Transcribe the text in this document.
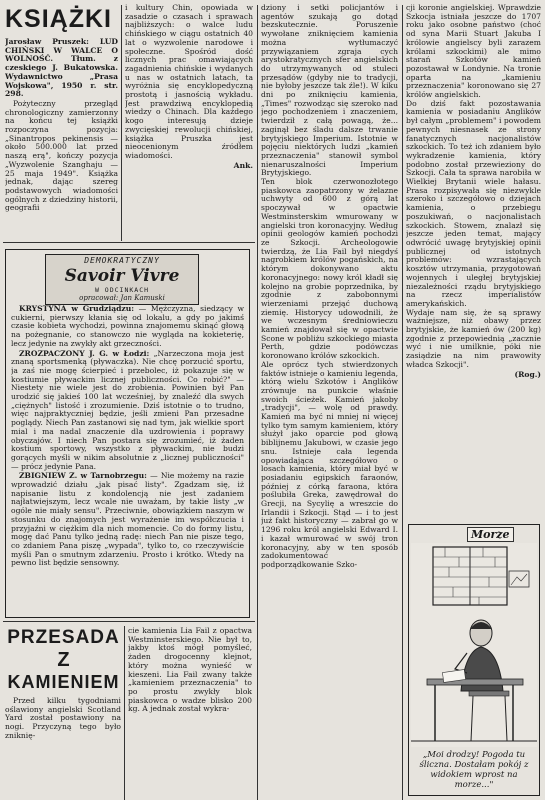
KSIĄŻKI

Jarosław Pruszek: LUD CHIŃSKI W WALCE O WOLNOŚĆ. Tłum. z czeskiego J. Bukatowska. Wydawnictwo „Prasa Wojskowa", 1950 r. str. 298.

Pożyteczny przegląd chronologiczny zamierzonny na końcu tej książki rozpoczyna pozycja: „Sinantropos pekinensis — około 500.000 lat przed naszą erą", kończy pozycja „Wyzwolenie Szanghaju — 25 maja 1949". Książka jednak, dając szereg podstawowych wiadomości ogólnych z dziedziny historii, geografii

i kultury Chin, opowiada w zasadzie o czasach i sprawach najbliższych: o walce ludu chińskiego w ciągu ostatnich 40 lat o wyzwolenie narodowe i społeczne. Spośród dość licznych prac omawiających zagadnienia chińskie i wydanych u nas w ostatnich latach, ta wyróżnia się encyklopedyczną prostotą i jasnością wykładu. Jest prawdziwą encyklopedią wiedzy o Chinach. Dla każdego kogo interesują dzieje zwycięskiej rewolucji chińskiej, książka Pruszka jest nieocenionym źródłem wiadomości.

Ank.

DEMOKRATYCZNY
Savoir Vivre
W ODCINKACH
opracował: Jan Kamuski

KRYSTYNA w Grudziądzu: — Mężczyzna, siedzący w cukierni, pierwszy kłania się od lokalu, a gdy po jakimś czasie kobieta wychodzi, powinna znajomemu skinąć głową na pożegnanie, co stanowczo nie wygląda na kokieterię, lecz jedynie na zwykły akt grzeczności.

ZROZPACZONY J. G. w Łodzi: „Narzeczona moja jest znaną sportsmenką (pływaczka). Nie chcę porzucić sportu, ja zaś nie mogę ścierpieć i przebolec, iż pokazuje się w kostiumie pływackim licznej publiczności. Co robić?" — Niestety nie wiele jest do zrobienia. Powinien był Pan urodzić się jakieś 100 lat wcześniej, by znaleźć dla swych „ciężnych" listość i zrozumienie. Dziś istotnie o to trudno, więc najpraktyczniej będzie, jeśli zmieni Pan przesadne poglądy. Niech Pan zastanowi się nad tym, jak wielkie sport mial i ma nadal znaczenie dla uzdrowienia i poprawy obyczajów. I niech Pan postara się zrozumieć, iż żaden kostium sportowy, wszystko z pływackim, nie budzi gorących myśli w nikim absolutnie z „licznej publiczności" — prócz jedynie Pana.

ZBIGNIEW Z. w Tarnobrzegu: — Nie możemy na razie wprowadzić działu „jak pisać listy". Zgadzam się, iż napisanie listu z kondolencją nie jest zadaniem najłatwiejszym, lecz wcale nie uważam, by takie listy „w ogóle nie miały sensu". Przeciwnie, obowiązkiem naszym w stosunku do znajomych jest wyrażenie im współczucia i przyjaźni w ciężkim dla nich momencie. Co do formy listu, mogę dać Panu tylko jedną radę: niech Pan nie pisze tego, co zdaniem Pana piszę „wypada", tylko to, co rzeczywiście myśli Pan o smutnym zdarzeniu. Prosto i krótko. Wtedy na pewno list będzie sensowny.

PRZESADA
Z
KAMIENIEM

Przed kilku tygodniami oślawiony angielski Scotland Yard został postawiony na nogi. Przyczyną tego było zniknię-

cie kamienia Lia Fail z opactwa Westminsterskiego. Nie był to, jakby ktoś mógł pomyśleć, żaden drogocenny klejnot, który można wynieść w kieszeni. Lia Fail zwany także „kamieniem przeznaczenia" to po prostu zwykły blok piaskowca o wadze blisko 200 kg. A jednak został wykra-

dziony i setki policjantów i agentów szukają go dotąd bezskutecznie. Poruszenie wywołane zniknięciem kamienia można wytłumaczyć przywiązaniem zgraja cych arystokratycznych sfer angielskich do utrzymywanych od stuleci przesądów (gdyby nie to tradycji, nie byłoby jeszcze tak źle!). W kiku dni po zniknięciu kamienia, „Times" rozwodząc się szeroko nad jego pochodzeniem i znaczeniem, twierdził z całą powagą, że... zaginął bez śladu dalsze trwanie brytyjskiego Imperium. Istotnie w pojęciu niektórych ludzi „kamień przeznaczenia" stanowił symbol nienaruszalności Imperium Brytyjskiego.
Ten blok czerwonozłotego piaskowca zaopatrzony w żelazne uchwyty od 600 z górą lat spoczywał w opactwie Westminsterskim wmurowany w angielski tron koronacyjny. Według opinii geologów kamień pochodzi ze Szkocji. Archeologowie twierdzą, że Lia Fail był niegdyś nagrobkiem królów pogańskich, na którym dokonywano aktu koronacyjnego: nowy król kładł się kolejno na grobie poprzednika, by zgodnie z zabobonnymi wierzeniami przejąć duchową ziemię. Historycy udowodnili, że we wczesnym średniowieczu kamień znajdował się w opactwie Scone w pobliżu szkockiego miasta Perth, gdzie podówczas koronowano królów szkockich.
Ale oprócz tych stwierdzonych faktów istnieje o kamieniu legenda, którą wielu Szkotów i Anglików zrównuje na punkcie właśnie swoich ścieżek. Kamień jakoby „tradycji", — wolę od prawdy. Kamień ma być ni mniej ni więcej tylko tym samym kamieniem, który służył jako oparcie pod głową biblijnemu Jakubowi, w czasie jego snu. Istnieje cała legenda opowiadająca szczegółowo o losach kamienia, który miał być w posiadaniu egipskich faraonów, później z córką faraona, która poślubiła Greka, zawędrował do Grecji, na Sycylię a wreszcie do Irlandii i Szkocji. Stąd — i to jest już fakt historyczny — zabrał go w 1296 roku król angielski Edward I. i kazał wmurować w swój tron koronacyjny, aby w ten sposób zadokumentować podporządkowanie Szko-

cji koronie angielskiej. Wprawdzie Szkocja istniała jeszcze do 1707 roku jako osobne państwo (choć od syna Marii Stuart Jakuba I królowie angielscy byli zarazem królami szkockimi) ale mimo starań Szkotów kamień pozostawał w Londynie. Na tronie oparta na „kamieniu przeznaczenia" koronowano się 27 królów angielskich.
Do dziś fakt pozostawania kamienia w posiadaniu Anglików był całym „problemem" i powodem pewnych niesnasek ze strony fanatycznych nacjonalistów szkockich. To też ich zdaniem było wykradzenie kamienia, który podobno został przewieziony do Szkocji. Cała ta sprawa narobiła w Wielkiej Brytanii wiele hałasu. Prasa rozpisywała się niezwykle szeroko i szczegółowo o dziejach kamienia, o przebiegu poszukiwań, o nacjonalistach szkockich. Stowem, znalazł się jeszcze jeden temat, mający odwrócić uwagę brytyjskiej opinii publicznej od istotnych problemów: wzrastających kosztów utrzymania, przygotowań wojennych i uległej brytyjskiej niezależności rządu brytyjskiego na rzecz imperialistów amerykańskich.
Wydaje nam się, że są sprawy ważniejsze, niż obawy przez brytyjskie, że kamień ów (200 kg) zgodnie z przepowiednią „zacznie wyć i nie umilknie, póki nie zasiądzie na nim prawowity władca Szkocji".

(Rog.)

Morze
„Moi drodzy! Pogoda tu śliczna. Dostałam pokój z widokiem wprost na morze..."
